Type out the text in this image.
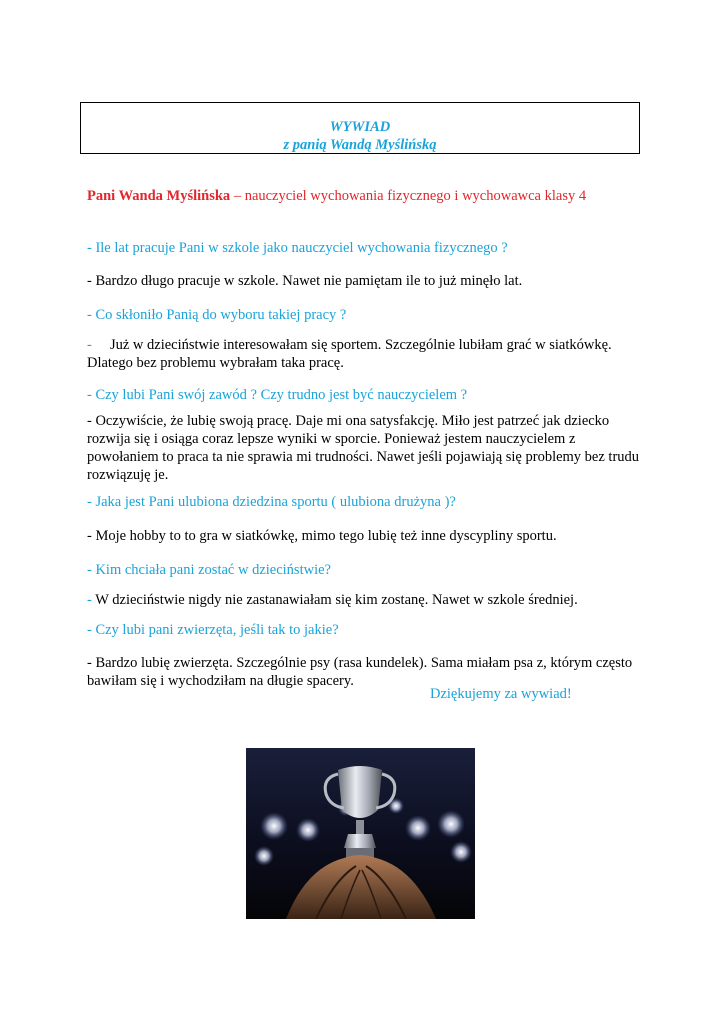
WYWIAD
z panią Wandą Myślińską
Pani Wanda Myślińska – nauczyciel wychowania fizycznego i wychowawca klasy 4
- Ile lat pracuje Pani w szkole jako nauczyciel wychowania fizycznego ?
- Bardzo długo pracuje w szkole. Nawet nie pamiętam ile to już minęło lat.
- Co skłoniło Panią do wyboru takiej pracy ?
-     Już w dzieciństwie interesowałam się sportem. Szczególnie lubiłam grać w siatkówkę. Dlatego bez problemu wybrałam taka pracę.
- Czy lubi Pani swój zawód ? Czy trudno jest być nauczycielem ?
- Oczywiście, że lubię swoją pracę. Daje mi ona satysfakcję. Miło jest patrzeć jak dziecko rozwija się i osiąga coraz lepsze wyniki w sporcie. Ponieważ jestem nauczycielem z powołaniem to praca ta nie sprawia mi trudności. Nawet jeśli pojawiają się problemy bez trudu rozwiązuję je.
- Jaka jest Pani ulubiona dziedzina sportu ( ulubiona drużyna )?
- Moje hobby to to gra w siatkówkę, mimo tego lubię też inne dyscypliny sportu.
- Kim chciała pani zostać w dzieciństwie?
- W dzieciństwie nigdy nie zastanawiałam się kim zostanę. Nawet w szkole średniej.
- Czy lubi pani zwierzęta, jeśli tak to jakie?
- Bardzo lubię zwierzęta. Szczególnie psy (rasa kundelek). Sama miałam psa z, którym często bawiłam się i wychodziłam na długie spacery.
Dziękujemy za wywiad!
